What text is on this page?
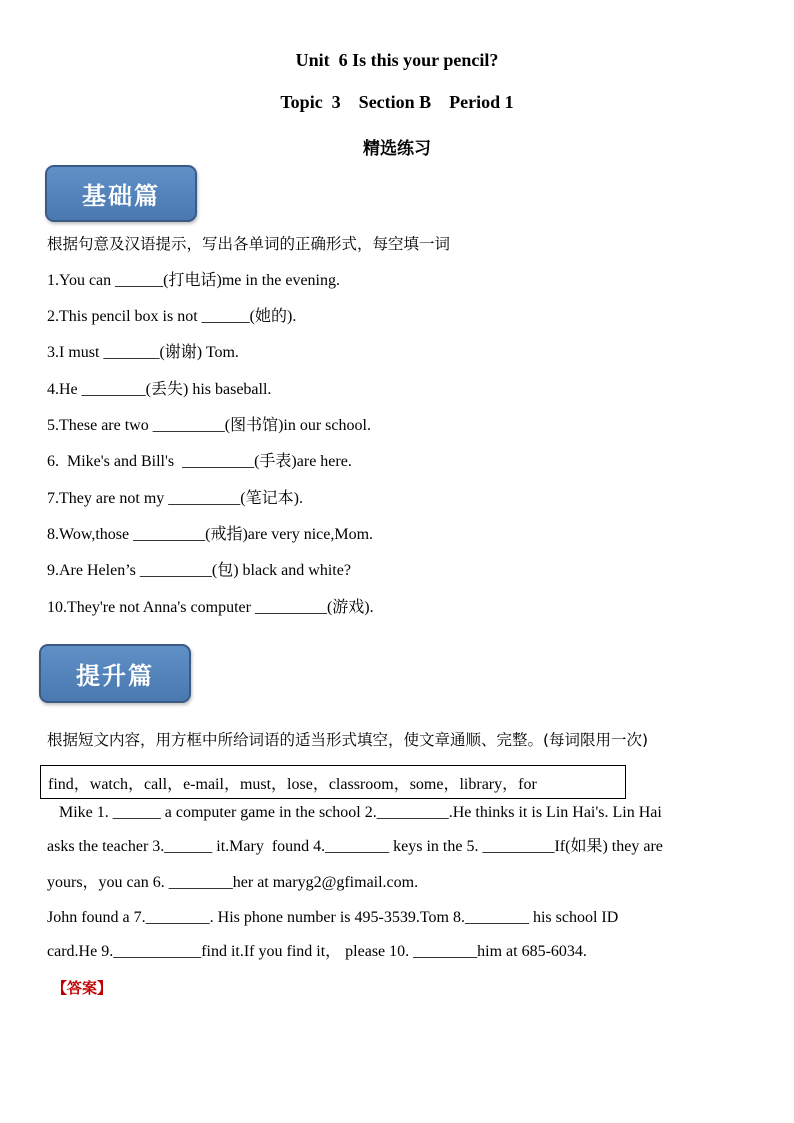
Unit  6 Is this your pencil?
Topic  3    Section B    Period 1
精选练习
基础篇
根据句意及汉语提示，写出各单词的正确形式，每空填一词
1.You can ______(打电话)me in the evening.
2.This pencil box is not ______(她的).
3.I must _______(谢谢) Tom.
4.He ________(丢失) his baseball.
5.These are two _________(图书馆)in our school.
6.  Mike's and Bill's  _________(手表)are here.
7.They are not my _________(笔记本).
8.Wow,those _________(戒指)are very nice,Mom.
9.Are Helen’s _________(包) black and white?
10.They're not Anna's computer _________(游戏).
提升篇
根据短文内容，用方框中所给词语的适当形式填空，使文章通顺、完整。(每词限用一次)
find，watch，call，e-mail，must，lose，classroom，some，library，for
Mike 1. ______ a computer game in the school 2._________.He thinks it is Lin Hai's. Lin Hai
asks the teacher 3.______ it.Mary  found 4.________ keys in the 5. _________If(如果) they are
yours，you can 6. ________her at maryg2@gfimail.com.
John found a 7.________. His phone number is 495-3539.Tom 8.________ his school ID
card.He 9.___________find it.If you find it， please 10. ________him at 685-6034.
【答案】
